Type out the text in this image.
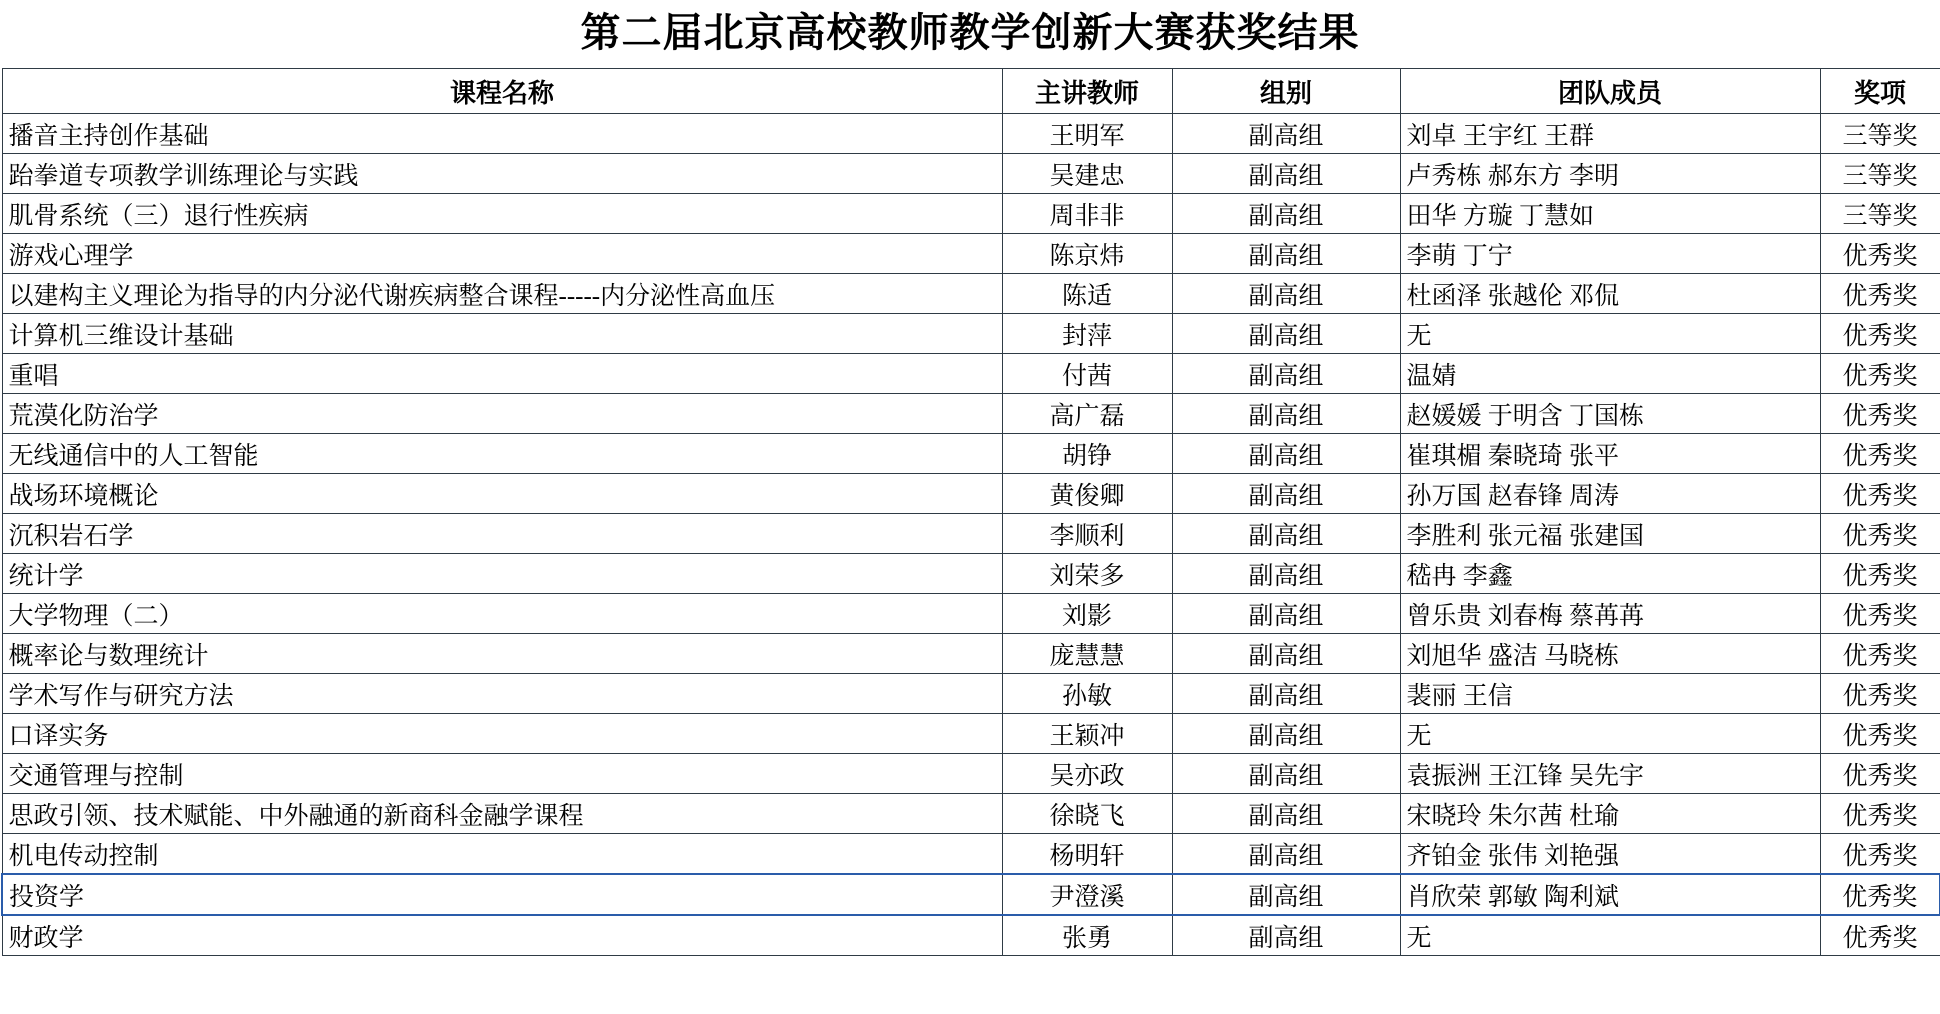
第二届北京高校教师教学创新大赛获奖结果
课程名称	主讲教师	组别	团队成员	奖项
播音主持创作基础	王明军	副高组	刘卓 王宇红 王群	三等奖
跆拳道专项教学训练理论与实践	吴建忠	副高组	卢秀栋 郝东方 李明	三等奖
肌骨系统（三）退行性疾病	周非非	副高组	田华 方璇 丁慧如	三等奖
游戏心理学	陈京炜	副高组	李萌 丁宁	优秀奖
以建构主义理论为指导的内分泌代谢疾病整合课程-----内分泌性高血压	陈适	副高组	杜函泽 张越伦 邓侃	优秀奖
计算机三维设计基础	封萍	副高组	无	优秀奖
重唱	付茜	副高组	温婧	优秀奖
荒漠化防治学	高广磊	副高组	赵媛媛 于明含 丁国栋	优秀奖
无线通信中的人工智能	胡铮	副高组	崔琪楣 秦晓琦 张平	优秀奖
战场环境概论	黄俊卿	副高组	孙万国 赵春锋 周涛	优秀奖
沉积岩石学	李顺利	副高组	李胜利 张元福 张建国	优秀奖
统计学	刘荣多	副高组	嵇冉 李鑫	优秀奖
大学物理（二）	刘影	副高组	曾乐贵 刘春梅 蔡苒苒	优秀奖
概率论与数理统计	庞慧慧	副高组	刘旭华 盛洁 马晓栋	优秀奖
学术写作与研究方法	孙敏	副高组	裴丽 王信	优秀奖
口译实务	王颖冲	副高组	无	优秀奖
交通管理与控制	吴亦政	副高组	袁振洲 王江锋 吴先宇	优秀奖
思政引领、技术赋能、中外融通的新商科金融学课程	徐晓飞	副高组	宋晓玲 朱尔茜 杜瑜	优秀奖
机电传动控制	杨明轩	副高组	齐铂金 张伟 刘艳强	优秀奖
投资学	尹澄溪	副高组	肖欣荣 郭敏 陶利斌	优秀奖
财政学	张勇	副高组	无	优秀奖
